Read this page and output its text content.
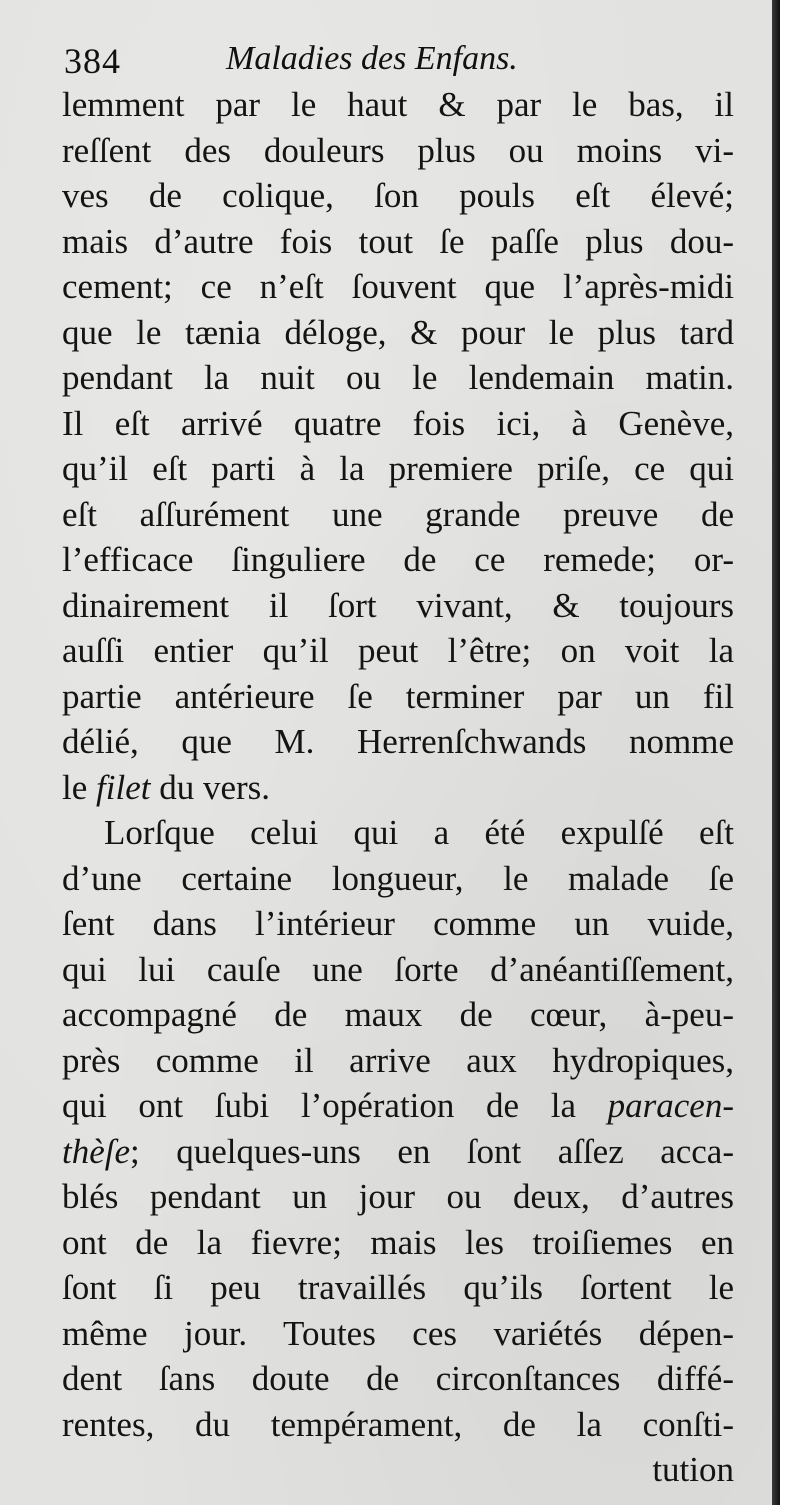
384	Maladies des Enfans.
lemment par le haut & par le bas, il
reſſent des douleurs plus ou moins vi-
ves de colique, ſon pouls eſt élevé;
mais d’autre fois tout ſe paſſe plus dou-
cement; ce n’eſt ſouvent que l’après-midi
que le tænia déloge, & pour le plus tard
pendant la nuit ou le lendemain matin.
Il eſt arrivé quatre fois ici, à Genève,
qu’il eſt parti à la premiere priſe, ce qui
eſt aſſurément une grande preuve de
l’efficace ſinguliere de ce remede; or-
dinairement il ſort vivant, & toujours
auſſi entier qu’il peut l’être; on voit la
partie antérieure ſe terminer par un fil
délié, que M. Herrenſchwands nomme
le filet du vers.
Lorſque celui qui a été expulſé eſt
d’une certaine longueur, le malade ſe
ſent dans l’intérieur comme un vuide,
qui lui cauſe une ſorte d’anéantiſſement,
accompagné de maux de cœur, à-peu-
près comme il arrive aux hydropiques,
qui ont ſubi l’opération de la paracen-
thèſe; quelques-uns en ſont aſſez acca-
blés pendant un jour ou deux, d’autres
ont de la fievre; mais les troiſiemes en
ſont ſi peu travaillés qu’ils ſortent le
même jour. Toutes ces variétés dépen-
dent ſans doute de circonſtances diffé-
rentes, du tempérament, de la conſti-
tution
